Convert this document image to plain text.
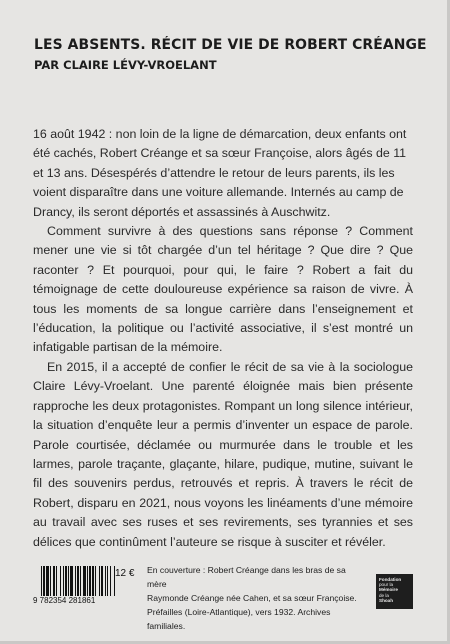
LES ABSENTS. RÉCIT DE VIE DE ROBERT CRÉANGE
PAR CLAIRE LÉVY-VROELANT

16 août 1942 : non loin de la ligne de démarcation, deux enfants ont été cachés, Robert Créange et sa sœur Françoise, alors âgés de 11 et 13 ans. Désespérés d’attendre le retour de leurs parents, ils les voient disparaître dans une voiture allemande. Internés au camp de Drancy, ils seront déportés et assassinés à Auschwitz.

Comment survivre à des questions sans réponse ? Comment mener une vie si tôt chargée d’un tel héritage ? Que dire ? Que raconter ? Et pourquoi, pour qui, le faire ? Robert a fait du témoignage de cette douloureuse expérience sa raison de vivre. À tous les moments de sa longue carrière dans l’enseignement et l’éducation, la politique ou l’activité associative, il s’est montré un infatigable partisan de la mémoire.

En 2015, il a accepté de confier le récit de sa vie à la sociologue Claire Lévy-Vroelant. Une parenté éloignée mais bien présente rapproche les deux protagonistes. Rompant un long silence intérieur, la situation d’enquête leur a permis d’inventer un espace de parole. Parole courtisée, déclamée ou murmurée dans le trouble et les larmes, parole traçante, glaçante, hilare, pudique, mutine, suivant le fil des souvenirs perdus, retrouvés et repris. À travers le récit de Robert, disparu en 2021, nous voyons les linéaments d’une mémoire au travail avec ses ruses et ses revirements, ses tyrannies et ses délices que continûment l’auteure se risque à susciter et révéler.

9 782354 281861
12 € En couverture : Robert Créange dans les bras de sa mère
Raymonde Créange née Cahen, et sa sœur Françoise.
Préfailles (Loire-Atlantique), vers 1932. Archives familiales.
Fondation
pour la
Mémoire
de la
Shoah
